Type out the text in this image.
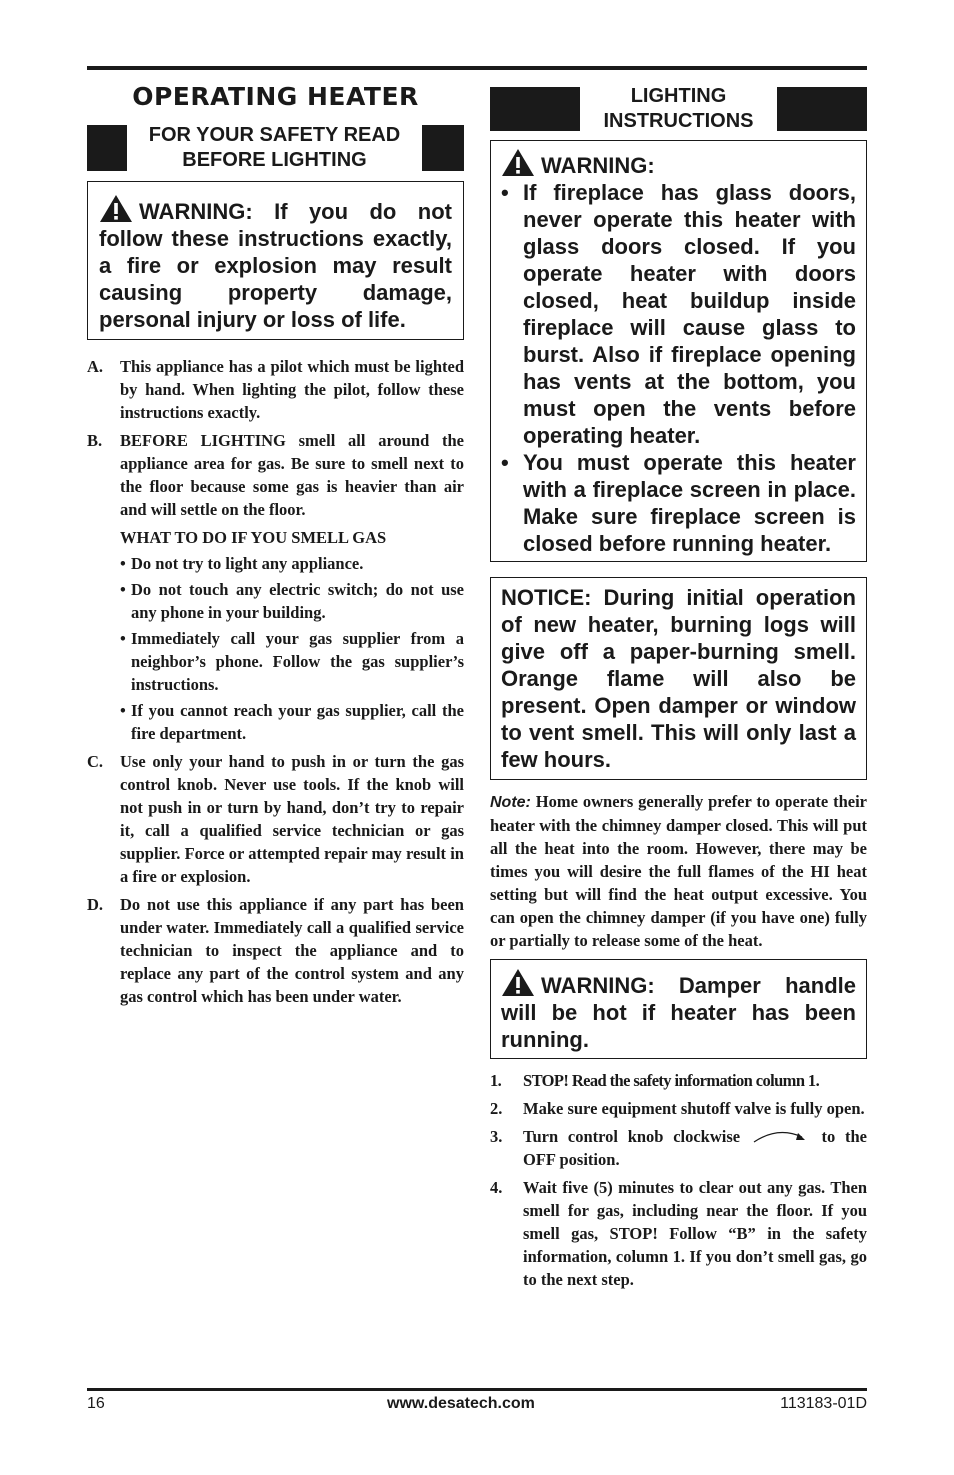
OPERATING HEATER
FOR YOUR SAFETY READ
BEFORE LIGHTING
WARNING: If you do not follow these instructions exactly, a fire or explosion may result causing property damage, personal injury or loss of life.
A.	This appliance has a pilot which must be lighted by hand. When lighting the pilot, follow these instructions exactly.
B.	BEFORE LIGHTING smell all around the appliance area for gas. Be sure to smell next to the floor because some gas is heavier than air and will settle on the floor.
WHAT TO DO IF YOU SMELL GAS
• Do not try to light any appliance.
• Do not touch any electric switch; do not use any phone in your building.
• Immediately call your gas supplier from a neighbor’s phone. Follow the gas supplier’s instructions.
• If you cannot reach your gas supplier, call the fire department.
C.	Use only your hand to push in or turn the gas control knob. Never use tools. If the knob will not push in or turn by hand, don’t try to repair it, call a qualified service technician or gas supplier. Force or attempted repair may result in a fire or explosion.
D.	Do not use this appliance if any part has been under water. Immediately call a qualified service technician to inspect the appliance and to replace any part of the control system and any gas control which has been under water.
LIGHTING
INSTRUCTIONS
WARNING:
• If fireplace has glass doors, never operate this heater with glass doors closed. If you operate heater with doors closed, heat buildup inside fireplace will cause glass to burst. Also if fireplace opening has vents at the bottom, you must open the vents before operating heater.
• You must operate this heater with a fireplace screen in place. Make sure fireplace screen is closed before running heater.
NOTICE: During initial operation of new heater, burning logs will give off a paper-burning smell. Orange flame will also be present. Open damper or window to vent smell. This will only last a few hours.
Note: Home owners generally prefer to operate their heater with the chimney damper closed. This will put all the heat into the room. However, there may be times you will desire the full flames of the HI heat setting but will find the heat output excessive. You can open the chimney damper (if you have one) fully or partially to release some of the heat.
WARNING: Damper handle will be hot if heater has been running.
1.	STOP! Read the safety information column 1.
2.	Make sure equipment shutoff valve is fully open.
3.	Turn control knob clockwise	to the OFF position.
4.	Wait five (5) minutes to clear out any gas. Then smell for gas, including near the floor. If you smell gas, STOP! Follow “B” in the safety information, column 1. If you don’t smell gas, go to the next step.
16	www.desatech.com	113183-01D
